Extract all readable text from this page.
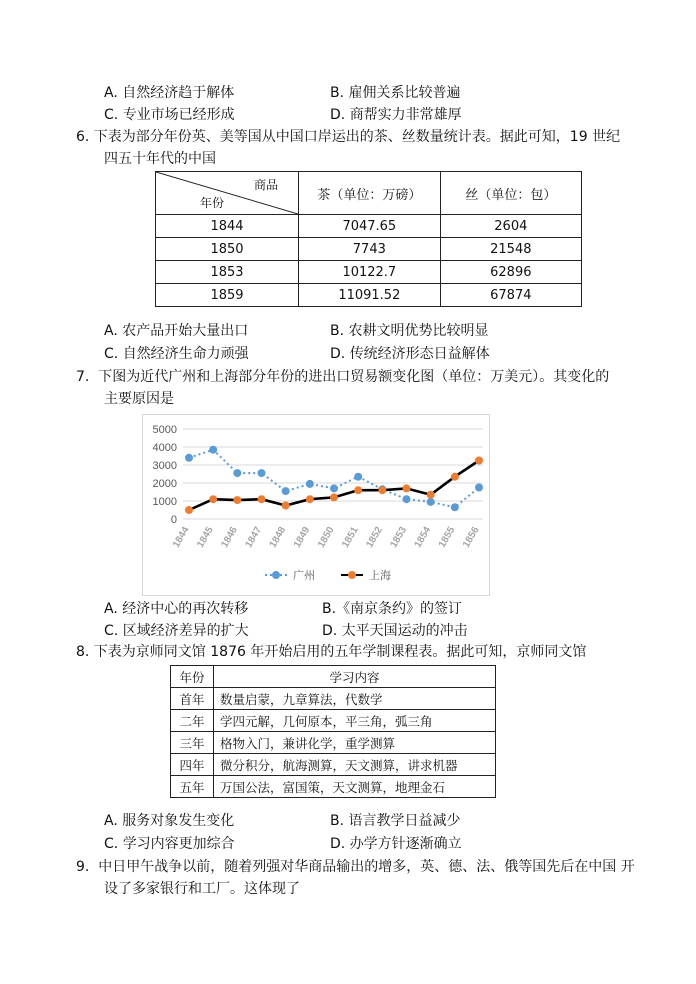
A. 自然经济趋于解体	B. 雇佣关系比较普遍
C. 专业市场已经形成	D. 商帮实力非常雄厚
6. 下表为部分年份英、美等国从中国口岸运出的茶、丝数量统计表。据此可知，19 世纪
四五十年代的中国
商品
年份	茶（单位：万磅）	丝（单位：包）
1844	7047.65	2604
1850	7743	21548
1853	10122.7	62896
1859	11091.52	67874
A. 农产品开始大量出口	B. 农耕文明优势比较明显
C. 自然经济生命力顽强	D. 传统经济形态日益解体
7. 下图为近代广州和上海部分年份的进出口贸易额变化图（单位：万美元）。其变化的
主要原因是
0
1000
2000
3000
4000
5000
1844 1845 1846 1847 1848 1849 1850 1851 1852 1853 1854 1855 1856
广州	上海
A. 经济中心的再次转移	B.《南京条约》的签订
C. 区域经济差异的扩大	D. 太平天国运动的冲击
8. 下表为京师同文馆 1876 年开始启用的五年学制课程表。据此可知，京师同文馆
年份	学习内容
首年	数量启蒙，九章算法，代数学
二年	学四元解，几何原本，平三角，弧三角
三年	格物入门，兼讲化学，重学测算
四年	微分积分，航海测算，天文测算，讲求机器
五年	万国公法，富国策，天文测算，地理金石
A. 服务对象发生变化	B. 语言教学日益减少
C. 学习内容更加综合	D. 办学方针逐渐确立
9. 中日甲午战争以前，随着列强对华商品输出的增多，英、德、法、俄等国先后在中国 开
设了多家银行和工厂。这体现了
